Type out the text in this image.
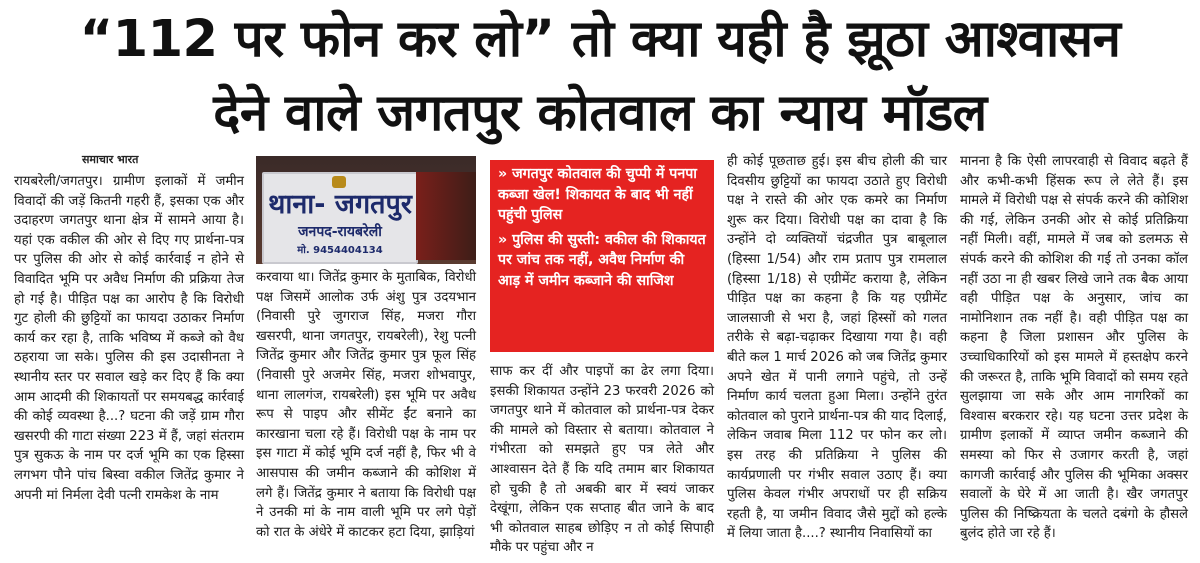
“112 पर फोन कर लो” तो क्या यही है झूठा आश्वासन
देने वाले जगतपुर कोतवाल का न्याय मॉडल
समाचार भारत

रायबरेली/जगतपुर। ग्रामीण इलाकों में जमीन विवादों की जड़ें कितनी गहरी हैं, इसका एक और उदाहरण जगतपुर थाना क्षेत्र में सामने आया है। यहां एक वकील की ओर से दिए गए प्रार्थना-पत्र पर पुलिस की ओर से कोई कार्रवाई न होने से विवादित भूमि पर अवैध निर्माण की प्रक्रिया तेज हो गई है। पीड़ित पक्ष का आरोप है कि विरोधी गुट होली की छुट्टियों का फायदा उठाकर निर्माण कार्य कर रहा है, ताकि भविष्य में कब्जे को वैध ठहराया जा सके। पुलिस की इस उदासीनता ने स्थानीय स्तर पर सवाल खड़े कर दिए हैं कि क्या आम आदमी की शिकायतों पर समयबद्ध कार्रवाई की कोई व्यवस्था है...? घटना की जड़ें ग्राम गौरा खसरपी की गाटा संख्या 223 में हैं, जहां संतराम पुत्र सुकऊ के नाम पर दर्ज भूमि का एक हिस्सा लगभग पौने पांच बिस्वा वकील जितेंद्र कुमार ने अपनी मां निर्मला देवी पत्नी रामकेश के नाम

थाना- जगतपुर
जनपद-रायबरेली
मो. 9454404134

करवाया था। जितेंद्र कुमार के मुताबिक, विरोधी पक्ष जिसमें आलोक उर्फ अंशु पुत्र उदयभान (निवासी पुरे जुगराज सिंह, मजरा गौरा खसरपी, थाना जगतपुर, रायबरेली), रेशु पत्नी जितेंद्र कुमार और जितेंद्र कुमार पुत्र फूल सिंह (निवासी पुरे अजमेर सिंह, मजरा शोभवापुर, थाना लालगंज, रायबरेली) इस भूमि पर अवैध रूप से पाइप और सीमेंट ईंट बनाने का कारखाना चला रहे हैं। विरोधी पक्ष के नाम पर इस गाटा में कोई भूमि दर्ज नहीं है, फिर भी वे आसपास की जमीन कब्जाने की कोशिश में लगे हैं। जितेंद्र कुमार ने बताया कि विरोधी पक्ष ने उनकी मां के नाम वाली भूमि पर लगे पेड़ों को रात के अंधेरे में काटकर हटा दिया, झाड़ियां

» जगतपुर कोतवाल की चुप्पी में पनपा कब्जा खेल! शिकायत के बाद भी नहीं पहुंची पुलिस
» पुलिस की सुस्ती: वकील की शिकायत पर जांच तक नहीं, अवैध निर्माण की आड़ में जमीन कब्जाने की साजिश

साफ कर दीं और पाइपों का ढेर लगा दिया। इसकी शिकायत उन्होंने 23 फरवरी 2026 को जगतपुर थाने में कोतवाल को प्रार्थना-पत्र देकर की मामले को विस्तार से बताया। कोतवाल ने गंभीरता को समझते हुए पत्र लेते और आश्वासन देते हैं कि यदि तमाम बार शिकायत हो चुकी है तो अबकी बार में स्वयं जाकर देखूंगा, लेकिन एक सप्ताह बीत जाने के बाद भी कोतवाल साहब छोड़िए न तो कोई सिपाही मौके पर पहुंचा और न

ही कोई पूछताछ हुई। इस बीच होली की चार दिवसीय छुट्टियों का फायदा उठाते हुए विरोधी पक्ष ने रास्ते की ओर एक कमरे का निर्माण शुरू कर दिया। विरोधी पक्ष का दावा है कि उन्होंने दो व्यक्तियों चंद्रजीत पुत्र बाबूलाल (हिस्सा 1/54) और राम प्रताप पुत्र रामलाल (हिस्सा 1/18) से एग्रीमेंट कराया है, लेकिन पीड़ित पक्ष का कहना है कि यह एग्रीमेंट जालसाजी से भरा है, जहां हिस्सों को गलत तरीके से बढ़ा-चढ़ाकर दिखाया गया है। वही बीते कल 1 मार्च 2026 को जब जितेंद्र कुमार अपने खेत में पानी लगाने पहुंचे, तो उन्हें निर्माण कार्य चलता हुआ मिला। उन्होंने तुरंत कोतवाल को पुराने प्रार्थना-पत्र की याद दिलाई, लेकिन जवाब मिला 112 पर फोन कर लो। इस तरह की प्रतिक्रिया ने पुलिस की कार्यप्रणाली पर गंभीर सवाल उठाए हैं। क्या पुलिस केवल गंभीर अपराधों पर ही सक्रिय रहती है, या जमीन विवाद जैसे मुद्दों को हल्के में लिया जाता है....? स्थानीय निवासियों का

मानना है कि ऐसी लापरवाही से विवाद बढ़ते हैं और कभी-कभी हिंसक रूप ले लेते हैं। इस मामले में विरोधी पक्ष से संपर्क करने की कोशिश की गई, लेकिन उनकी ओर से कोई प्रतिक्रिया नहीं मिली। वहीं, मामले में जब को डलमऊ से संपर्क करने की कोशिश की गई तो उनका कॉल नहीं उठा ना ही खबर लिखे जाने तक बैक आया वही पीड़ित पक्ष के अनुसार, जांच का नामोनिशान तक नहीं है। वही पीड़ित पक्ष का कहना है जिला प्रशासन और पुलिस के उच्चाधिकारियों को इस मामले में हस्तक्षेप करने की जरूरत है, ताकि भूमि विवादों को समय रहते सुलझाया जा सके और आम नागरिकों का विश्वास बरकरार रहे। यह घटना उत्तर प्रदेश के ग्रामीण इलाकों में व्याप्त जमीन कब्जाने की समस्या को फिर से उजागर करती है, जहां कागजी कार्रवाई और पुलिस की भूमिका अक्सर सवालों के घेरे में आ जाती है। खैर जगतपुर पुलिस की निष्क्रियता के चलते दबंगो के हौसले बुलंद होते जा रहे हैं।
